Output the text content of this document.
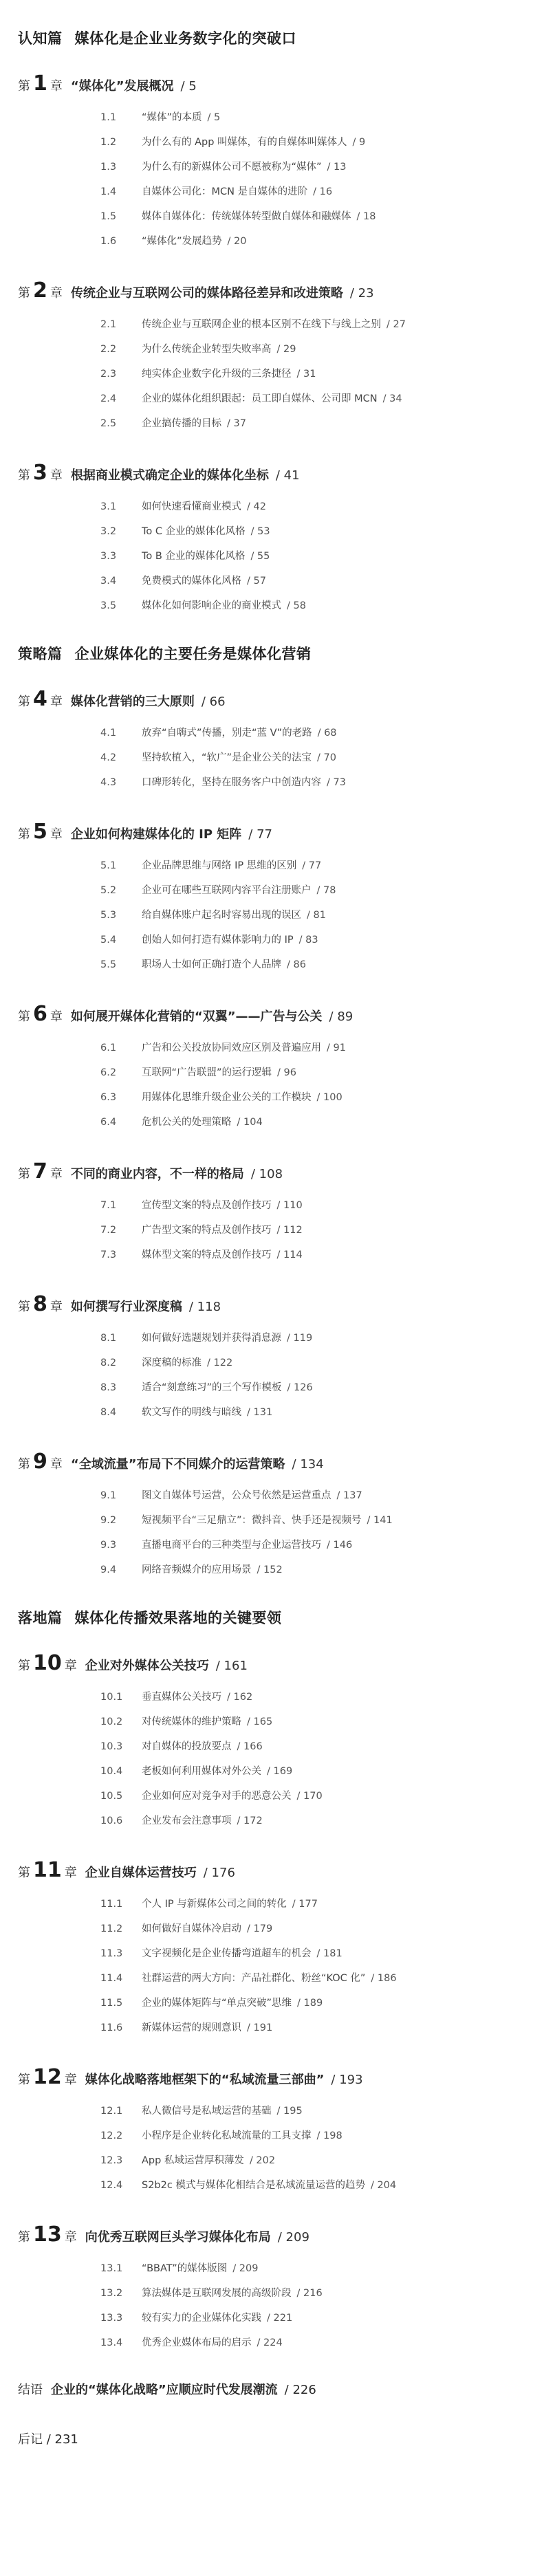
认知篇 媒体化是企业业务数字化的突破口
第 1 章 “媒体化”发展概况 / 5
1.1	“媒体”的本质 / 5
1.2	为什么有的 App 叫媒体，有的自媒体叫媒体人 / 9
1.3	为什么有的新媒体公司不愿被称为“媒体” / 13
1.4	自媒体公司化：MCN 是自媒体的进阶 / 16
1.5	媒体自媒体化：传统媒体转型做自媒体和融媒体 / 18
1.6	“媒体化”发展趋势 / 20
第 2 章 传统企业与互联网公司的媒体路径差异和改进策略 / 23
2.1	传统企业与互联网企业的根本区别不在线下与线上之别 / 27
2.2	为什么传统企业转型失败率高 / 29
2.3	纯实体企业数字化升级的三条捷径 / 31
2.4	企业的媒体化组织跟起：员工即自媒体、公司即 MCN / 34
2.5	企业搞传播的目标 / 37
第 3 章 根据商业模式确定企业的媒体化坐标 / 41
3.1	如何快速看懂商业模式 / 42
3.2	To C 企业的媒体化风格 / 53
3.3	To B 企业的媒体化风格 / 55
3.4	免费模式的媒体化风格 / 57
3.5	媒体化如何影响企业的商业模式 / 58
策略篇 企业媒体化的主要任务是媒体化营销
第 4 章 媒体化营销的三大原则 / 66
4.1	放弃“自嗨式”传播，别走“蓝 V”的老路 / 68
4.2	坚持软植入，“软广”是企业公关的法宝 / 70
4.3	口碑形转化，坚持在服务客户中创造内容 / 73
第 5 章 企业如何构建媒体化的 IP 矩阵 / 77
5.1	企业品牌思维与网络 IP 思维的区别 / 77
5.2	企业可在哪些互联网内容平台注册账户 / 78
5.3	给自媒体账户起名时容易出现的误区 / 81
5.4	创始人如何打造有媒体影响力的 IP / 83
5.5	职场人士如何正确打造个人品牌 / 86
第 6 章 如何展开媒体化营销的“双翼”——广告与公关 / 89
6.1	广告和公关投放协同效应区别及普遍应用 / 91
6.2	互联网“广告联盟”的运行逻辑 / 96
6.3	用媒体化思维升级企业公关的工作模块 / 100
6.4	危机公关的处理策略 / 104
第 7 章 不同的商业内容，不一样的格局 / 108
7.1	宣传型文案的特点及创作技巧 / 110
7.2	广告型文案的特点及创作技巧 / 112
7.3	媒体型文案的特点及创作技巧 / 114
第 8 章 如何撰写行业深度稿 / 118
8.1	如何做好选题规划并获得消息源 / 119
8.2	深度稿的标准 / 122
8.3	适合“刻意练习”的三个写作模板 / 126
8.4	软文写作的明线与暗线 / 131
第 9 章 “全域流量”布局下不同媒介的运营策略 / 134
9.1	图文自媒体号运营，公众号依然是运营重点 / 137
9.2	短视频平台“三足鼎立”：微抖音、快手还是视频号 / 141
9.3	直播电商平台的三种类型与企业运营技巧 / 146
9.4	网络音频媒介的应用场景 / 152
落地篇 媒体化传播效果落地的关键要领
第 10 章 企业对外媒体公关技巧 / 161
10.1	垂直媒体公关技巧 / 162
10.2	对传统媒体的维护策略 / 165
10.3	对自媒体的投放要点 / 166
10.4	老板如何利用媒体对外公关 / 169
10.5	企业如何应对竞争对手的恶意公关 / 170
10.6	企业发布会注意事项 / 172
第 11 章 企业自媒体运营技巧 / 176
11.1	个人 IP 与新媒体公司之间的转化 / 177
11.2	如何做好自媒体冷启动 / 179
11.3	文字视频化是企业传播弯道超车的机会 / 181
11.4	社群运营的两大方向：产品社群化、粉丝“KOC 化” / 186
11.5	企业的媒体矩阵与“单点突破”思维 / 189
11.6	新媒体运营的规则意识 / 191
第 12 章 媒体化战略落地框架下的“私域流量三部曲” / 193
12.1	私人微信号是私域运营的基础 / 195
12.2	小程序是企业转化私域流量的工具支撑 / 198
12.3	App 私域运营厚积薄发 / 202
12.4	S2b2c 模式与媒体化相结合是私域流量运营的趋势 / 204
第 13 章 向优秀互联网巨头学习媒体化布局 / 209
13.1	“BBAT”的媒体版图 / 209
13.2	算法媒体是互联网发展的高级阶段 / 216
13.3	较有实力的企业媒体化实践 / 221
13.4	优秀企业媒体布局的启示 / 224
结语 企业的“媒体化战略”应顺应时代发展潮流 / 226
后记 / 231
